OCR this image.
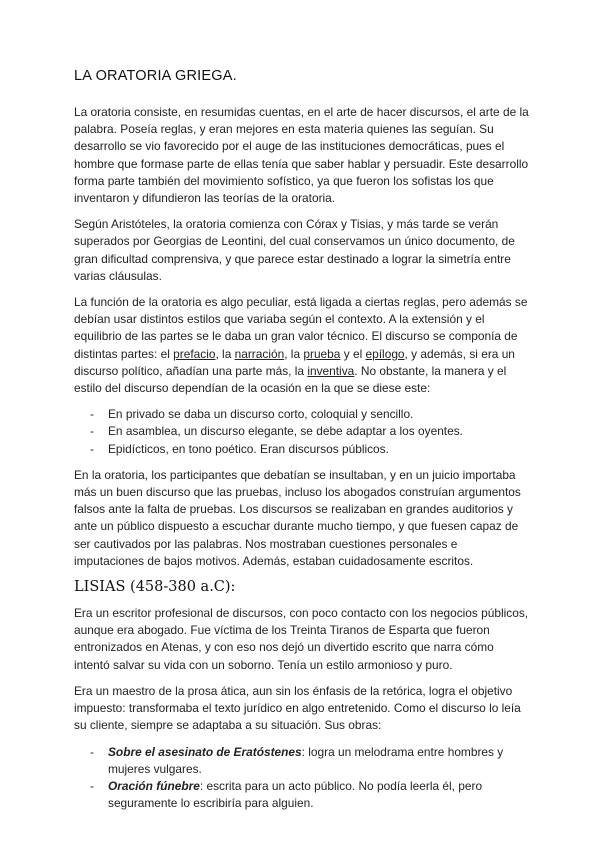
LA ORATORIA GRIEGA.

La oratoria consiste, en resumidas cuentas, en el arte de hacer discursos, el arte de la palabra. Poseía reglas, y eran mejores en esta materia quienes las seguían. Su desarrollo se vio favorecido por el auge de las instituciones democráticas, pues el hombre que formase parte de ellas tenía que saber hablar y persuadir. Este desarrollo forma parte también del movimiento sofístico, ya que fueron los sofistas los que inventaron y difundieron las teorías de la oratoria.

Según Aristóteles, la oratoria comienza con Córax y Tisias, y más tarde se verán superados por Georgias de Leontini, del cual conservamos un único documento, de gran dificultad comprensiva, y que parece estar destinado a lograr la simetría entre varias cláusulas.

La función de la oratoria es algo peculiar, está ligada a ciertas reglas, pero además se debían usar distintos estilos que variaba según el contexto. A la extensión y el equilibrio de las partes se le daba un gran valor técnico. El discurso se componía de distintas partes: el prefacio, la narración, la prueba y el epílogo, y además, si era un discurso político, añadían una parte más, la inventiva. No obstante, la manera y el estilo del discurso dependían de la ocasión en la que se diese este:

- En privado se daba un discurso corto, coloquial y sencillo.
- En asamblea, un discurso elegante, se debe adaptar a los oyentes.
- Epidícticos, en tono poético. Eran discursos públicos.

En la oratoria, los participantes que debatían se insultaban, y en un juicio importaba más un buen discurso que las pruebas, incluso los abogados construían argumentos falsos ante la falta de pruebas. Los discursos se realizaban en grandes auditorios y ante un público dispuesto a escuchar durante mucho tiempo, y que fuesen capaz de ser cautivados por las palabras. Nos mostraban cuestiones personales e imputaciones de bajos motivos. Además, estaban cuidadosamente escritos.

LISIAS (458-380 a.C):

Era un escritor profesional de discursos, con poco contacto con los negocios públicos, aunque era abogado. Fue víctima de los Treinta Tiranos de Esparta que fueron entronizados en Atenas, y con eso nos dejó un divertido escrito que narra cómo intentó salvar su vida con un soborno. Tenía un estilo armonioso y puro.

Era un maestro de la prosa ática, aun sin los énfasis de la retórica, logra el objetivo impuesto: transformaba el texto jurídico en algo entretenido. Como el discurso lo leía su cliente, siempre se adaptaba a su situación. Sus obras:

- Sobre el asesinato de Eratóstenes: logra un melodrama entre hombres y mujeres vulgares.
- Oración fúnebre: escrita para un acto público. No podía leerla él, pero seguramente lo escribiría para alguien.
